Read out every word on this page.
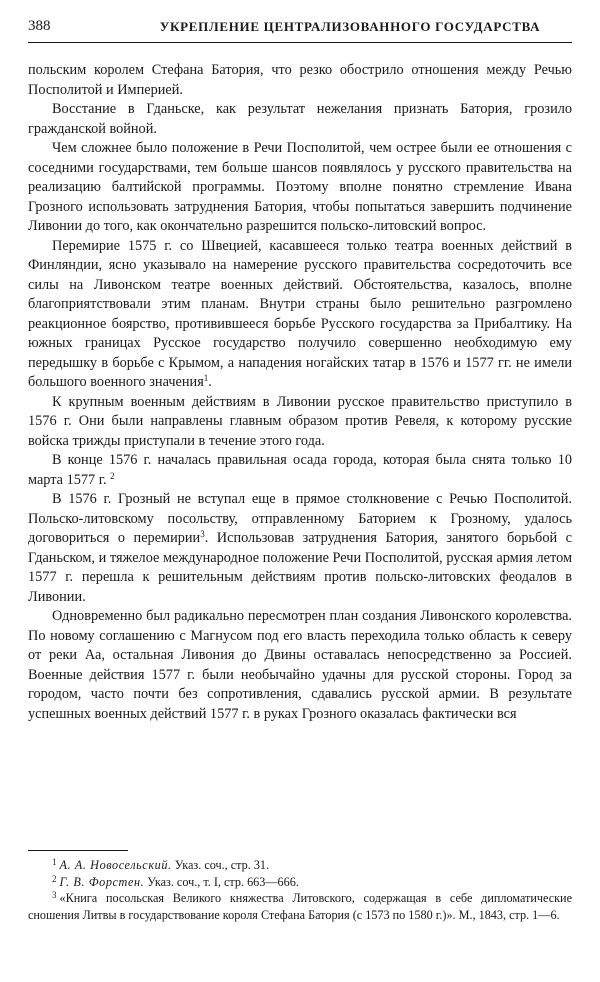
388	УКРЕПЛЕНИЕ ЦЕНТРАЛИЗОВАННОГО ГОСУДАРСТВА

польским королем Стефана Батория, что резко обострило отношения между Речью Посполитой и Империей.

Восстание в Гданьске, как результат нежелания признать Батория, грозило гражданской войной.

Чем сложнее было положение в Речи Посполитой, чем острее были ее отношения с соседними государствами, тем больше шансов появлялось у русского правительства на реализацию балтийской программы. Поэтому вполне понятно стремление Ивана Грозного использовать затруднения Батория, чтобы попытаться завершить подчинение Ливонии до того, как окончательно разрешится польско-литовский вопрос.

Перемирие 1575 г. со Швецией, касавшееся только театра военных действий в Финляндии, ясно указывало на намерение русского правительства сосредоточить все силы на Ливонском театре военных действий. Обстоятельства, казалось, вполне благоприятствовали этим планам. Внутри страны было решительно разгромлено реакционное боярство, противившееся борьбе Русского государства за Прибалтику. На южных границах Русское государство получило совершенно необходимую ему передышку в борьбе с Крымом, а нападения ногайских татар в 1576 и 1577 гг. не имели большого военного значения$^1$.

К крупным военным действиям в Ливонии русское правительство приступило в 1576 г. Они были направлены главным образом против Ревеля, к которому русские войска трижды приступали в течение этого года.

В конце 1576 г. началась правильная осада города, которая была снята только 10 марта 1577 г. $^2$

В 1576 г. Грозный не вступал еще в прямое столкновение с Речью Посполитой. Польско-литовскому посольству, отправленному Баторием к Грозному, удалось договориться о перемирии$^3$. Использовав затруднения Батория, занятого борьбой с Гданьском, и тяжелое международное положение Речи Посполитой, русская армия летом 1577 г. перешла к решительным действиям против польско-литовских феодалов в Ливонии.

Одновременно был радикально пересмотрен план создания Ливонского королевства. По новому соглашению с Магнусом под его власть переходила только область к северу от реки Аа, остальная Ливония до Двины оставалась непосредственно за Россией. Военные действия 1577 г. были необычайно удачны для русской стороны. Город за городом, часто почти без сопротивления, сдавались русской армии. В результате успешных военных действий 1577 г. в руках Грозного оказалась фактически вся

$^1$ А. А. Новосельский. Указ. соч., стр. 31.

$^2$ Г. В. Форстен. Указ. соч., т. I, стр. 663—666.

$^3$ «Книга посольская Великого княжества Литовского, содержащая в себе дипломатические сношения Литвы в государствование короля Стефана Батория (с 1573 по 1580 г.)». М., 1843, стр. 1—6.
